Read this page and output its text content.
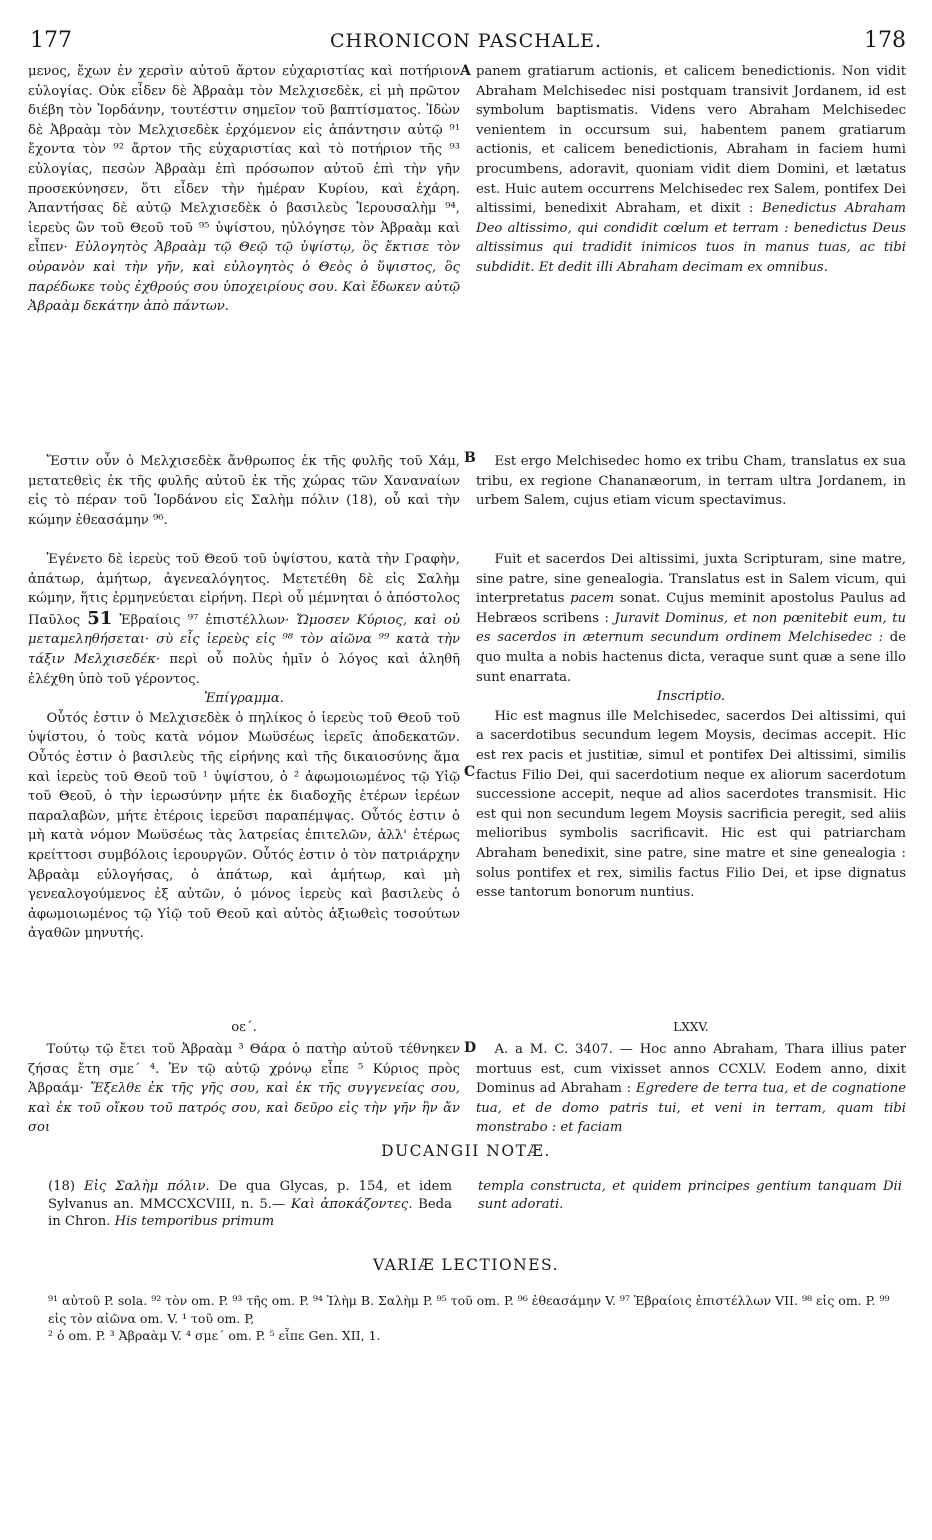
177	CHRONICON PASCHALE.	178

μενος, ἔχων ἐν χερσὶν αὐτοῦ ἄρτον εὐχαριστίας καὶ ποτήριον εὐλογίας. Οὐκ εἶδεν δὲ Ἀβραὰμ τὸν Μελχισεδὲκ, εἰ μὴ πρῶτον διέβη τὸν Ἰορδάνην, τουτέστιν σημεῖον τοῦ βαπτίσματος. Ἰδὼν δὲ Ἀβραὰμ τὸν Μελχισεδὲκ ἐρχόμενον εἰς ἀπάντησιν αὐτῷ ⁹¹ ἔχοντα τὸν ⁹² ἄρτον τῆς εὐχαριστίας καὶ τὸ ποτήριον τῆς ⁹³ εὐλογίας, πεσὼν Ἀβραὰμ ἐπὶ πρόσωπον αὐτοῦ ἐπὶ τὴν γῆν προσεκύνησεν, ὅτι εἶδεν τὴν ἡμέραν Κυρίου, καὶ ἐχάρη. Ἀπαντήσας δὲ αὐτῷ Μελχισεδὲκ ὁ βασιλεὺς Ἱερουσαλὴμ ⁹⁴, ἱερεὺς ὢν τοῦ Θεοῦ τοῦ ⁹⁵ ὑψίστου, ηὐλόγησε τὸν Ἀβραὰμ καὶ εἶπεν· Εὐλογητὸς Ἀβραὰμ τῷ Θεῷ τῷ ὑψίστῳ, ὃς ἔκτισε τὸν οὐρανὸν καὶ τὴν γῆν, καὶ εὐλογητὸς ὁ Θεὸς ὁ ὕψιστος, ὃς παρέδωκε τοὺς ἐχθρούς σου ὑποχειρίους σου. Καὶ ἔδωκεν αὐτῷ Ἀβραὰμ δεκάτην ἀπὸ πάντων.

Ἔστιν οὖν ὁ Μελχισεδὲκ ἄνθρωπος ἐκ τῆς φυλῆς τοῦ Χάμ, μετατεθεὶς ἐκ τῆς φυλῆς αὐτοῦ ἐκ τῆς χώρας τῶν Χαναναίων εἰς τὸ πέραν τοῦ Ἰορδάνου εἰς Σαλὴμ πόλιν (18), οὗ καὶ τὴν κώμην ἐθεασάμην ⁹⁶.

Ἐγένετο δὲ ἱερεὺς τοῦ Θεοῦ τοῦ ὑψίστου, κατὰ τὴν Γραφὴν, ἀπάτωρ, ἀμήτωρ, ἀγενεαλόγητος. Μετετέθη δὲ εἰς Σαλὴμ κώμην, ἥτις ἑρμηνεύεται εἰρήνη. Περὶ οὗ μέμνηται ὁ ἀπόστολος Παῦλος 51 Ἑβραίοις ⁹⁷ ἐπιστέλλων· Ὤμοσεν Κύριος, καὶ οὐ μεταμεληθήσεται· σὺ εἶς ἱερεὺς εἰς ⁹⁸ τὸν αἰῶνα ⁹⁹ κατὰ τὴν τάξιν Μελχισεδέκ· περὶ οὗ πολὺς ἡμῖν ὁ λόγος καὶ ἀληθῆ ἐλέχθη ὑπὸ τοῦ γέροντος.

Ἐπίγραμμα.

Οὗτός ἐστιν ὁ Μελχισεδὲκ ὁ πηλίκος ὁ ἱερεὺς τοῦ Θεοῦ τοῦ ὑψίστου, ὁ τοὺς κατὰ νόμον Μωϋσέως ἱερεῖς ἀποδεκατῶν. Οὗτός ἐστιν ὁ βασιλεὺς τῆς εἰρήνης καὶ τῆς δικαιοσύνης ἅμα καὶ ἱερεὺς τοῦ Θεοῦ τοῦ ¹ ὑψίστου, ὁ ² ἀφωμοιωμένος τῷ Υἱῷ τοῦ Θεοῦ, ὁ τὴν ἱερωσύνην μήτε ἐκ διαδοχῆς ἑτέρων ἱερέων παραλαβὼν, μήτε ἑτέροις ἱερεῦσι παραπέμψας. Οὗτός ἐστιν ὁ μὴ κατὰ νόμον Μωϋσέως τὰς λατρείας ἐπιτελῶν, ἀλλ' ἑτέρως κρείττοσι συμβόλοις ἱερουργῶν. Οὗτός ἐστιν ὁ τὸν πατριάρχην Ἀβραὰμ εὐλογήσας, ὁ ἀπάτωρ, καὶ ἀμήτωρ, καὶ μὴ γενεαλογούμενος ἐξ αὐτῶν, ὁ μόνος ἱερεὺς καὶ βασιλεὺς ὁ ἀφωμοιωμένος τῷ Υἱῷ τοῦ Θεοῦ καὶ αὐτὸς ἀξιωθεὶς τοσούτων ἀγαθῶν μηνυτής.

οε΄.

Τούτῳ τῷ ἔτει τοῦ Ἀβραὰμ ³ Θάρα ὁ πατὴρ αὐτοῦ τέθνηκεν ζήσας ἔτη σμε΄ ⁴. Ἐν τῷ αὐτῷ χρόνῳ εἶπε ⁵ Κύριος πρὸς Ἀβραάμ· Ἔξελθε ἐκ τῆς γῆς σου, καὶ ἐκ τῆς συγγενείας σου, καὶ ἐκ τοῦ οἴκου τοῦ πατρός σου, καὶ δεῦρο εἰς τὴν γῆν ἣν ἄν σοι

A
B
C
D

panem gratiarum actionis, et calicem benedictionis. Non vidit Abraham Melchisedec nisi postquam transivit Jordanem, id est symbolum baptismatis. Videns vero Abraham Melchisedec venientem in occursum sui, habentem panem gratiarum actionis, et calicem benedictionis, Abraham in faciem humi procumbens, adoravit, quoniam vidit diem Domini, et lætatus est. Huic autem occurrens Melchisedec rex Salem, pontifex Dei altissimi, benedixit Abraham, et dixit : Benedictus Abraham Deo altissimo, qui condidit cœlum et terram : benedictus Deus altissimus qui tradidit inimicos tuos in manus tuas, ac tibi subdidit. Et dedit illi Abraham decimam ex omnibus.

Est ergo Melchisedec homo ex tribu Cham, translatus ex sua tribu, ex regione Chananæorum, in terram ultra Jordanem, in urbem Salem, cujus etiam vicum spectavimus.

Fuit et sacerdos Dei altissimi, juxta Scripturam, sine matre, sine patre, sine genealogia. Translatus est in Salem vicum, qui interpretatus pacem sonat. Cujus meminit apostolus Paulus ad Hebræos scribens : Juravit Dominus, et non pœnitebit eum, tu es sacerdos in æternum secundum ordinem Melchisedec : de quo multa a nobis hactenus dicta, veraque sunt quæ a sene illo sunt enarrata.

Inscriptio.

Hic est magnus ille Melchisedec, sacerdos Dei altissimi, qui a sacerdotibus secundum legem Moysis, decimas accepit. Hic est rex pacis et justitiæ, simul et pontifex Dei altissimi, similis factus Filio Dei, qui sacerdotium neque ex aliorum sacerdotum successione accepit, neque ad alios sacerdotes transmisit. Hic est qui non secundum legem Moysis sacrificia peregit, sed aliis melioribus symbolis sacrificavit. Hic est qui patriarcham Abraham benedixit, sine patre, sine matre et sine genealogia : solus pontifex et rex, similis factus Filio Dei, et ipse dignatus esse tantorum bonorum nuntius.

LXXV.

A. a M. C. 3407. — Hoc anno Abraham, Thara illius pater mortuus est, cum vixisset annos CCXLV. Eodem anno, dixit Dominus ad Abraham : Egredere de terra tua, et de cognatione tua, et de domo patris tui, et veni in terram, quam tibi monstrabo : et faciam

DUCANGII NOTÆ.
(18) Εἰς Σαλὴμ πόλιν. De qua Glycas, p. 154, et idem Sylvanus an. MMCCXCVIII, n. 5.— Καὶ ἀποκάζοντες. Beda in Chron. His temporibus primum
templa constructa, et quidem principes gentium tanquam Dii sunt adorati.
VARIÆ LECTIONES.
⁹¹ αὐτοῦ P. sola. ⁹² τὸν om. P. ⁹³ τῆς om. P. ⁹⁴ Ἰλὴμ B. Σαλὴμ P. ⁹⁵ τοῦ om. P. ⁹⁶ ἐθεασάμην V. ⁹⁷ Ἑβραίοις ἐπιστέλλων VII. ⁹⁸ εἰς om. P. ⁹⁹ εἰς τὸν αἰῶνα om. V. ¹ τοῦ om. P,
² ὁ om. P. ³ Ἀβραὰμ V. ⁴ σμε΄ om. P. ⁵ εἶπε Gen. XII, 1.
